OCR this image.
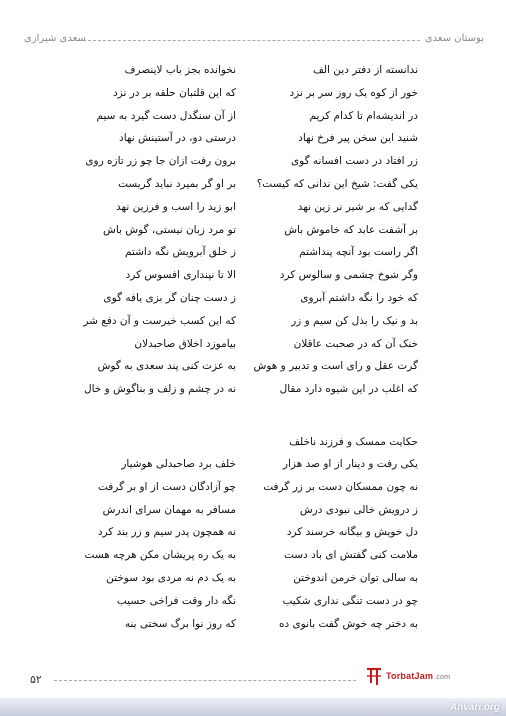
بوستان سعدی
سعدی شیرازی
ندانسته از دفتر دین الف
نخوانده بجز باب لاینصرف
خور از کوه یک روز سر بر نزد
که این قلتبان حلقه بر در نزد
در اندیشه‌ام تا کدام کریم
از آن سنگدل دست گیرد به سیم
شنید این سخن پیر فرخ نهاد
درستی دو، در آستینش نهاد
زر افتاد در دست افسانه گوی
برون رفت ازان جا چو زر تازه روی
یکی گفت: شیخ این ندانی که کیست؟
بر او گر بمیرد نباید گریست
گدایی که بر شیر نر زین نهد
ابو زید را اسب و فرزین نهد
بر آشفت عابد که خاموش باش
تو مرد زبان نیستی، گوش باش
اگر راست بود آنچه پنداشتم
ز خلق آبرویش نگه داشتم
وگر شوخ چشمی و سالوس کرد
الا تا نپنداری افسوس کرد
که خود را نگه داشتم آبروی
ز دست چنان گر بزی یافه گوی
بد و نیک را بذل کن سیم و زر
که این کسب خیرست و آن دفع شر
خنک آن که در صحبت عاقلان
بیاموزد اخلاق صاحبدلان
گرت عقل و رای است و تدبیر و هوش
به عزت کنی پند سعدی به گوش
که اغلب در این شیوه دارد مقال
نه در چشم و زلف و بناگوش و خال
حکایت ممسک و فرزند ناخلف
یکی رفت و دینار از او صد هزار
خلف برد صاحبدلی هوشیار
نه چون ممسکان دست بر زر گرفت
چو آزادگان دست از او بر گرفت
ز درویش خالی نبودی درش
مسافر به مهمان سرای اندرش
دل خویش و بیگانه خرسند کرد
نه همچون پدر سیم و زر بند کرد
ملامت کنی گفتش ای باد دست
به یک ره پریشان مکن هرچه هست
به سالی توان خرمن اندوختن
به یک دم نه مردی بود سوختن
چو در دست تنگی نداری شکیب
نگه دار وقت فراخی حسیب
به دختر چه خوش گفت بانوی ده
که روز نوا برگ سختی بنه
۵۲	TorbatJam.com
Anvari.org
